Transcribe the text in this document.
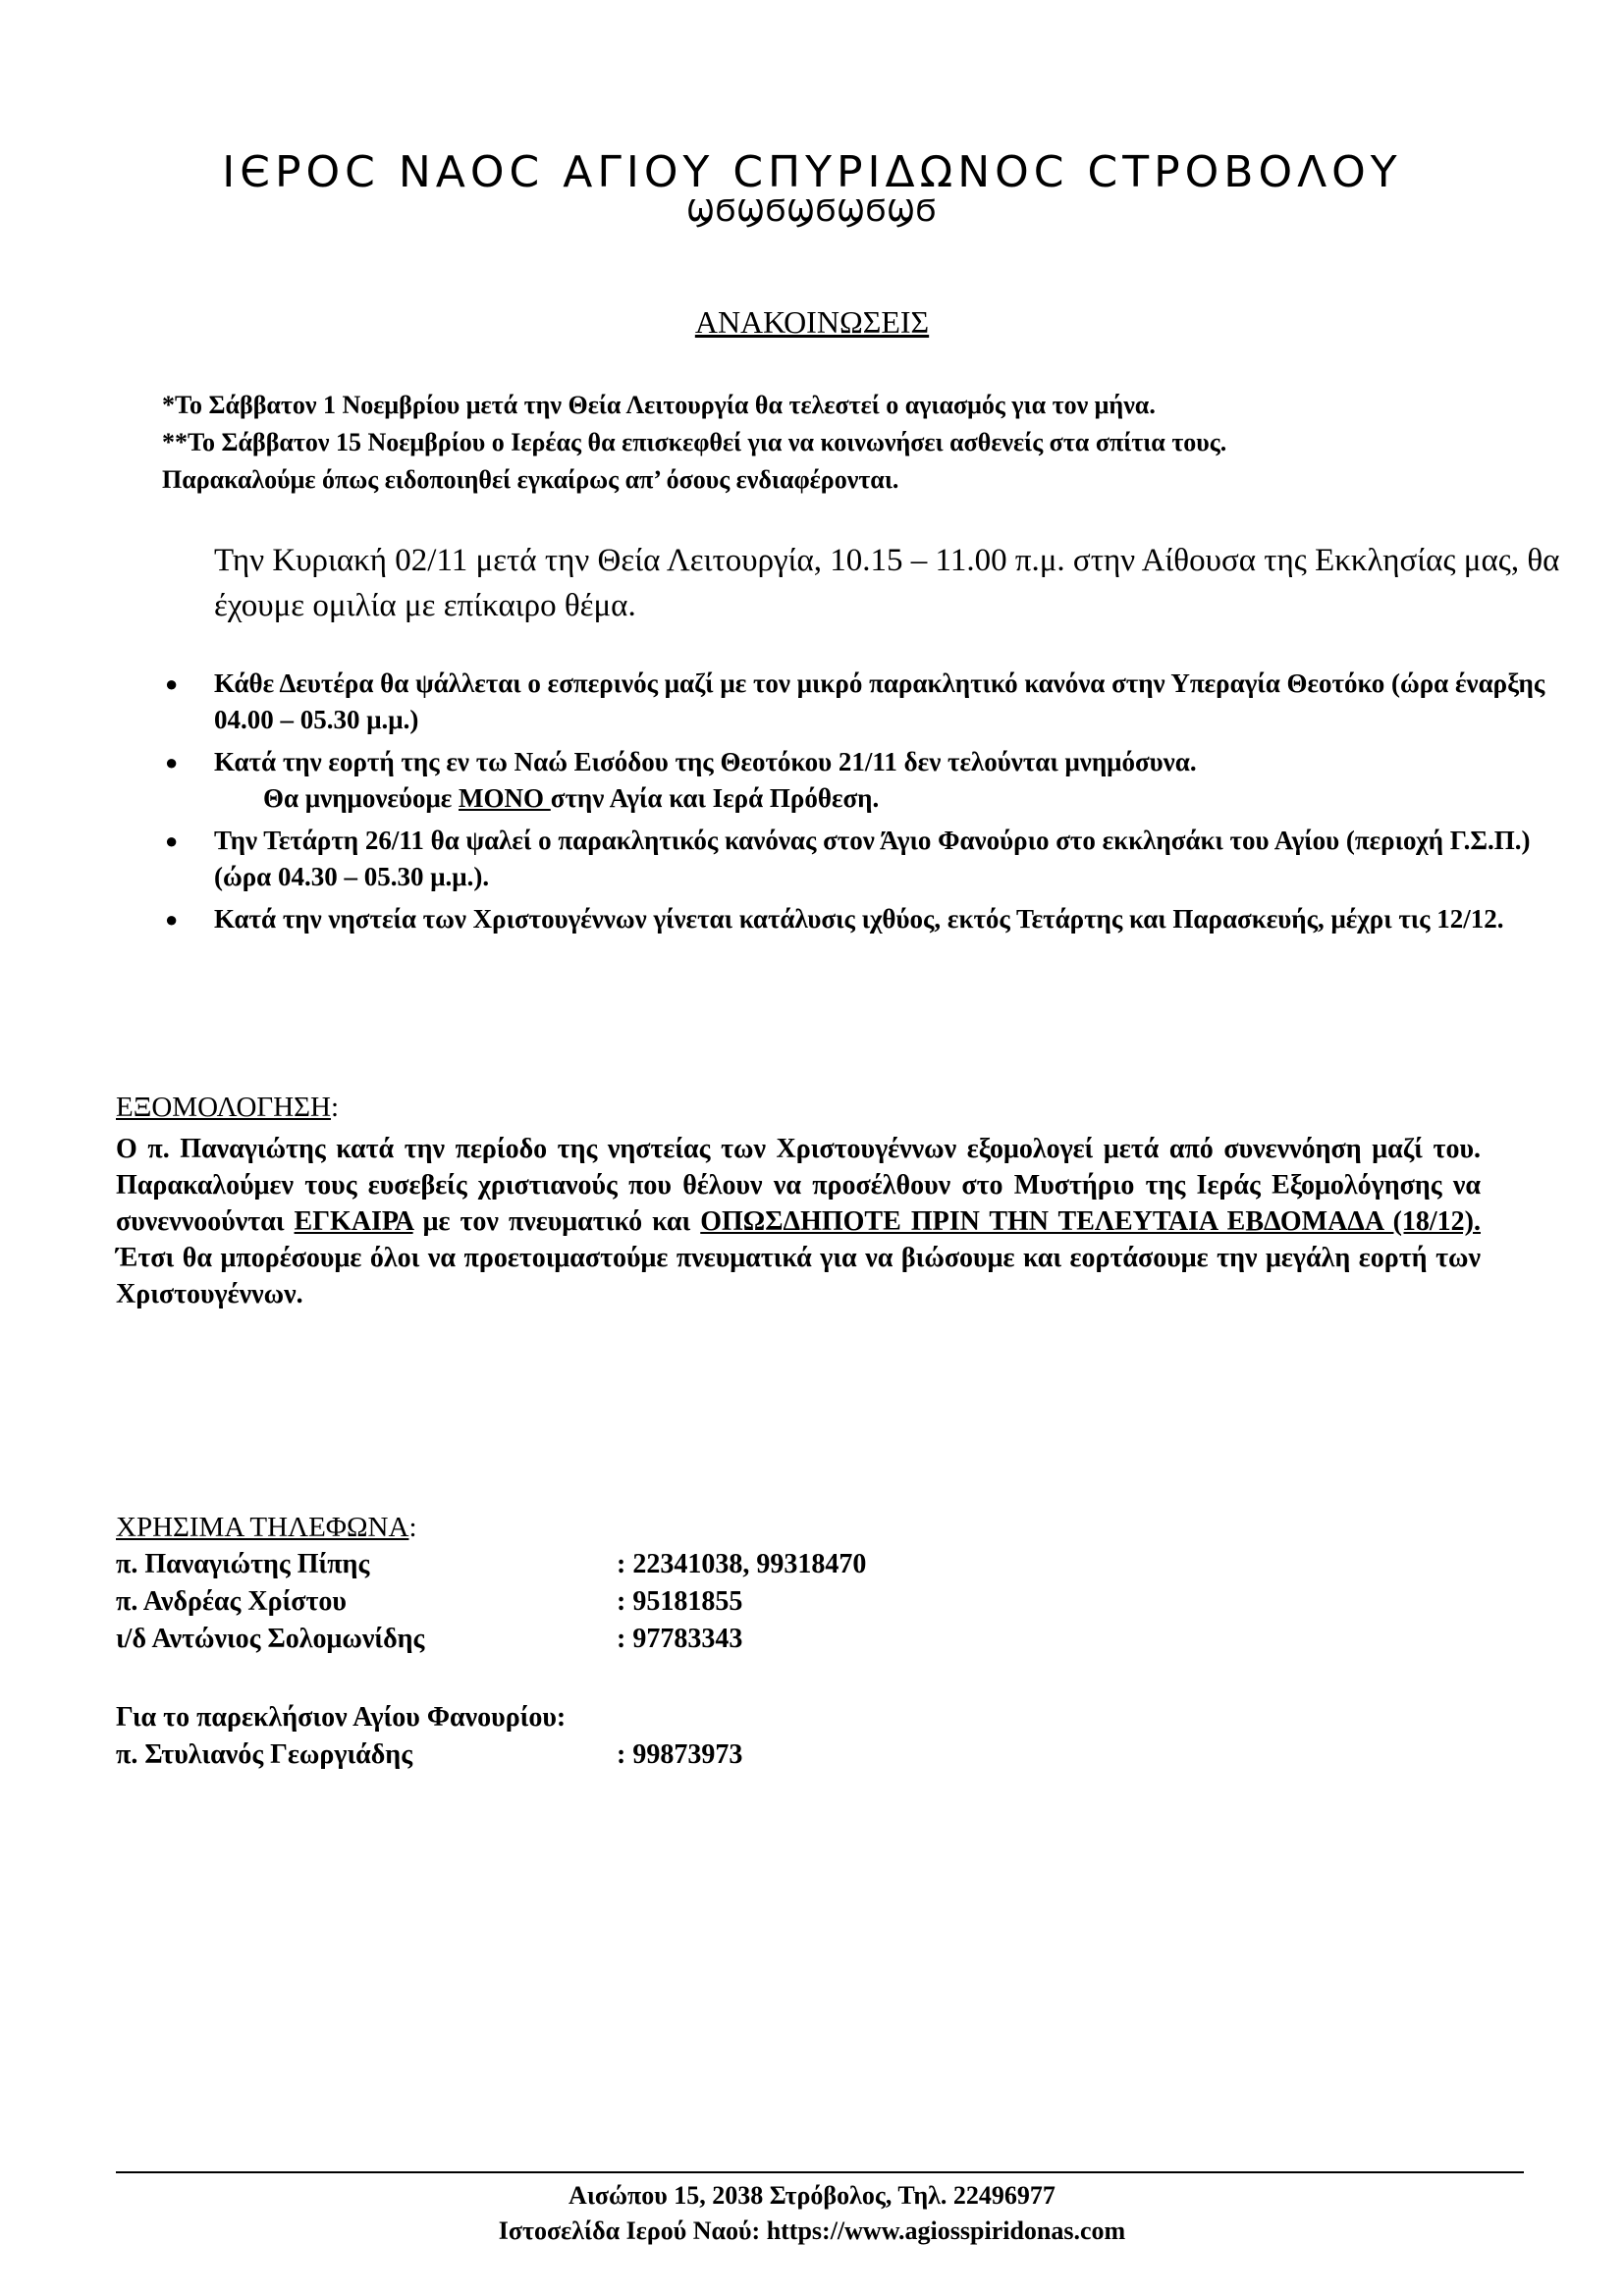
ΙЄΡΟϹ ΝΑΟϹ ΑΓΙΟΥ ϹΠΥΡΙΔΩΝΟϹ ϹΤΡΟΒΟΛΟΥ
ϢϬϢϬϢϬϢϬϢϬ
ΑΝΑΚΟΙΝΩΣΕΙΣ
*Το Σάββατον 1 Νοεμβρίου μετά την Θεία Λειτουργία θα τελεστεί ο αγιασμός για τον μήνα.
**Το Σάββατον 15 Νοεμβρίου ο Ιερέας θα επισκεφθεί για να κοινωνήσει ασθενείς στα σπίτια τους.
Παρακαλούμε όπως ειδοποιηθεί εγκαίρως απ’ όσους ενδιαφέρονται.
Την Κυριακή 02/11 μετά την Θεία Λειτουργία, 10.15 – 11.00 π.μ. στην Αίθουσα της Εκκλησίας μας, θα έχουμε ομιλία με επίκαιρο θέμα.
● Κάθε Δευτέρα θα ψάλλεται ο εσπερινός μαζί με τον μικρό παρακλητικό κανόνα στην Υπεραγία Θεοτόκο (ώρα έναρξης 04.00 – 05.30 μ.μ.)
● Κατά την εορτή της εν τω Ναώ Εισόδου της Θεοτόκου 21/11 δεν τελούνται μνημόσυνα.
Θα μνημονεύομε ΜΟΝΟ στην Αγία και Ιερά Πρόθεση.
● Την Τετάρτη 26/11 θα ψαλεί ο παρακλητικός κανόνας στον Άγιο Φανούριο στο εκκλησάκι του Αγίου (περιοχή Γ.Σ.Π.) (ώρα 04.30 – 05.30 μ.μ.).
● Κατά την νηστεία των Χριστουγέννων γίνεται κατάλυσις ιχθύος, εκτός Τετάρτης και Παρασκευής, μέχρι τις 12/12.
ΕΞΟΜΟΛΟΓΗΣΗ:
Ο π. Παναγιώτης κατά την περίοδο της νηστείας των Χριστουγέννων εξομολογεί μετά από συνεννόηση μαζί του. Παρακαλούμεν τους ευσεβείς χριστιανούς που θέλουν να προσέλθουν στο Μυστήριο της Ιεράς Εξομολόγησης να συνεννοούνται ΕΓΚΑΙΡΑ με τον πνευματικό και ΟΠΩΣΔΗΠΟΤΕ ΠΡΙΝ ΤΗΝ ΤΕΛΕΥΤΑΙΑ ΕΒΔΟΜΑΔΑ (18/12). Έτσι θα μπορέσουμε όλοι να προετοιμαστούμε πνευματικά για να βιώσουμε και εορτάσουμε την μεγάλη εορτή των Χριστουγέννων.
ΧΡΗΣΙΜΑ ΤΗΛΕΦΩΝΑ:
π. Παναγιώτης Πίπης	: 22341038, 99318470
π. Ανδρέας Χρίστου	: 95181855
ι/δ Αντώνιος Σολομωνίδης	: 97783343
Για το παρεκλήσιον Αγίου Φανουρίου:
π. Στυλιανός Γεωργιάδης	: 99873973
Αισώπου 15, 2038 Στρόβολος, Τηλ. 22496977
Ιστοσελίδα Ιερού Ναού: https://www.agiosspiridonas.com
